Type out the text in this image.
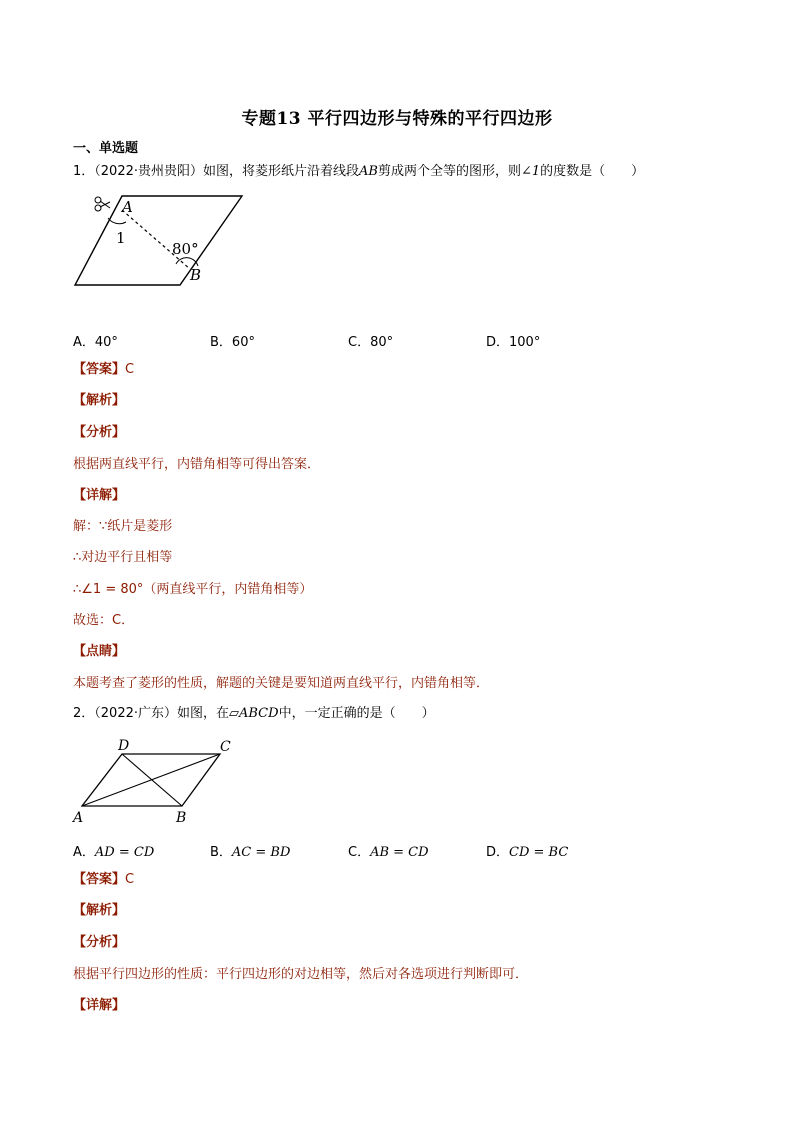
专题13 平行四边形与特殊的平行四边形
一、单选题
1．（2022·贵州贵阳）如图，将菱形纸片沿着线段AB剪成两个全等的图形，则∠1的度数是（　　）
A
1
80°
B
A．40°	B．60°	C．80°	D．100°
【答案】C
【解析】
【分析】
根据两直线平行，内错角相等可得出答案．
【详解】
解：∵纸片是菱形
∴对边平行且相等
∴∠1 = 80°（两直线平行，内错角相等）
故选：C．
【点睛】
本题考查了菱形的性质，解题的关键是要知道两直线平行，内错角相等．
2．（2022·广东）如图，在▱ABCD中，一定正确的是（　　）
D	C
A	B
A．AD = CD	B．AC = BD	C．AB = CD	D．CD = BC
【答案】C
【解析】
【分析】
根据平行四边形的性质：平行四边形的对边相等，然后对各选项进行判断即可．
【详解】
